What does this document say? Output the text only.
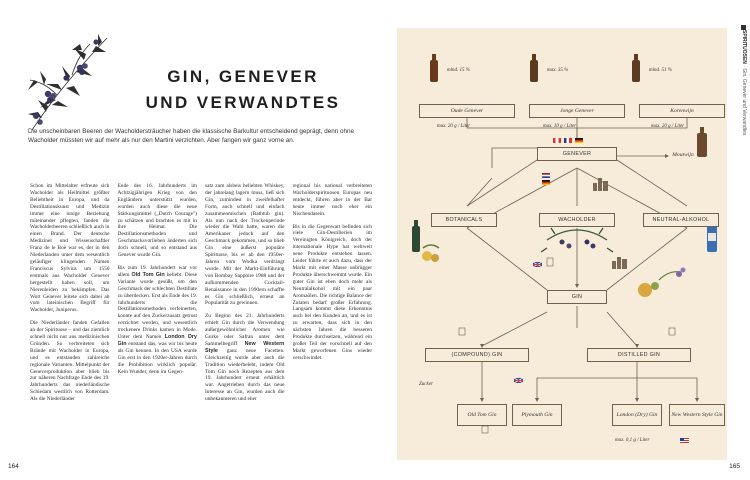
GIN, GENEVER
UND VERWANDTES
Die unscheinbaren Beeren der Wacholdersträucher haben die klassische Barkultur entscheidend geprägt, denn ohne Wacholder müssten wir auf mehr als nur den Martini verzichten. Aber fangen wir ganz vorne an.

Schon im Mittelalter erfreute sich Wacholder als Heilmittel größter Beliebtheit in Europa, und da Destillationskunst und Medizin immer eine innige Beziehung miteinander pflegten, fanden die Wacholderbeeren schließlich auch in einen Brand. Der deutsche Mediziner und Wissenschaftler Franz de le Boë war es, der in den Niederlanden unter dem wesentlich geläufiger klingenden Namen Franciscus Sylvius um 1550 erstmals aus Wacholder Genever hergestellt haben soll, um Nierenleiden zu bekämpfen. Das Wort Genever leitete sich dabei ab vom lateinischen Begriff für Wacholder, Juniperus.

Die Niederländer fanden Gefallen an der Spirituose – und das ziemlich schnell nicht nur aus medizinischen Gründen. So verbreiteten sich Brände mit Wacholder in Europa, und es entstanden zahlreiche regionale Varianten. Mittelpunkt der Geneverproduktion aber blieb bis zur näheren Nachfrage Ende des 19. Jahrhunderts das niederländische Schiedam westlich von Rotterdam. Als die Niederländer

Ende des 16. Jahrhunderts im Achtzigjährigen Krieg von den Engländern unterstützt wurden, wurden auch diese die neue Stärkungsmittel („Dutch Courage") zu schätzen und brachten es mit in ihre Heimat. Die Destillationsmethoden und Geschmacksvorlieben änderten sich doch schnell, und so entstand aus Genever wurde Gin.

Bis zum 19. Jahrhundert war vor allem Old Tom Gin beliebt. Diese Variante wurde gesüßt, um den Geschmack der schlechten Destillate zu überdecken. Erst als Ende des 19. Jahrhunderts die Destillationsmethoden verfeinerten, konnte auf den Zuckerzusatz getrost verzichtet werden, und wesentlich trockenere Drinks kamen in Mode. Unter dem Namen London Dry Gin entstand das, was wir bis heute als Gin kennen. In den USA wurde Gin erst in den 1920er-Jahren durch die Prohibition wirklich populär. Kein Wunder, denn im Gegen-

satz zum alsbeis beliebten Whiskey, der jahrelang lagern muss, ließ sich Gin, zumindest in zweifelhafter Form, auch schnell und einfach zusammenmischen (Bathtub gin). Als nun nach der Trockenperiode wieder die Wahl hatte, waren die Amerikaner jedoch auf den Geschmack gekommen, und so blieb Gin eine äußerst populäre Spirituose, bis er ab den 1950er-Jahren vom Wodka verdrängt wurde. Mit der Markt-Einführung von Bombay Sapphire 1988 und der aufkommenden Cocktail-Renaissance in den 1990ern schaffte es Gin schließlich, erneut an Popularität zu gewinnen.

Zu Beginn des 21. Jahrhunderts erhielt Gin durch die Verwendung außergewöhnlicher Aromen wie Gurke oder Safran unter dem Sammelbegriff New Western Style ganz neue Facetten. Gleichzeitig wurde aber auch die Tradition wiederbelebt, indem Old Tom Gin noch Rezepten aus dem 19. Jahrhundert erneut erhältlich war. Angetrieben durch das neue Interesse an Gin, wurden auch die unbekannteren und eher

regional bis national verbreiteten Wacholderspirituosen Europas neu entdeckt, führen aber in der Bar heute immer noch eher ein Nischendasein.

Bis in die Gegenwart befinden sich viele Gin-Destillerien im Vereinigten Königreich, doch der internationale Hype hat weltweit neue Produkte entstehen lassen. Leider führte er auch dazu, dass der Markt mit einer Masse unbrügger Produkte überschwemmt wurde. Ein guter Gin ist eben doch mehr als Neutralalkohol mit ein paar Aromaölen. Die richtige Balance der Zutaten bedarf großer Erfahrung. Langsam kommt diese Erkenntnis auch bei den Kunden an, und es ist zu erwarten, dass sich in den nächsten Jahren die besseren Produkte durchsetzen, während ein großer Teil der vorschnell auf den Markt geworfenen Gins wieder verschwindet.

164
SPIRITUOSEN · Gin, Genever und Verwandtes
mind. 15 %
Oude Genever
max. 20 g / Liter
max. 35 %
Jonge Genever
max. 10 g / Liter
mind. 51 %
Korenwijn
max. 20 g / Liter
GENEVER	Moutwijn
BOTANICALS	WACHOLDER	NEUTRAL-ALKOHOL
GIN
(COMPOUND) GIN	DISTILLED GIN
Zucker
Old Tom Gin	Plymouth Gin	London (Dry) Gin	New Western Style Gin
max. 0,1 g / Liter
165
